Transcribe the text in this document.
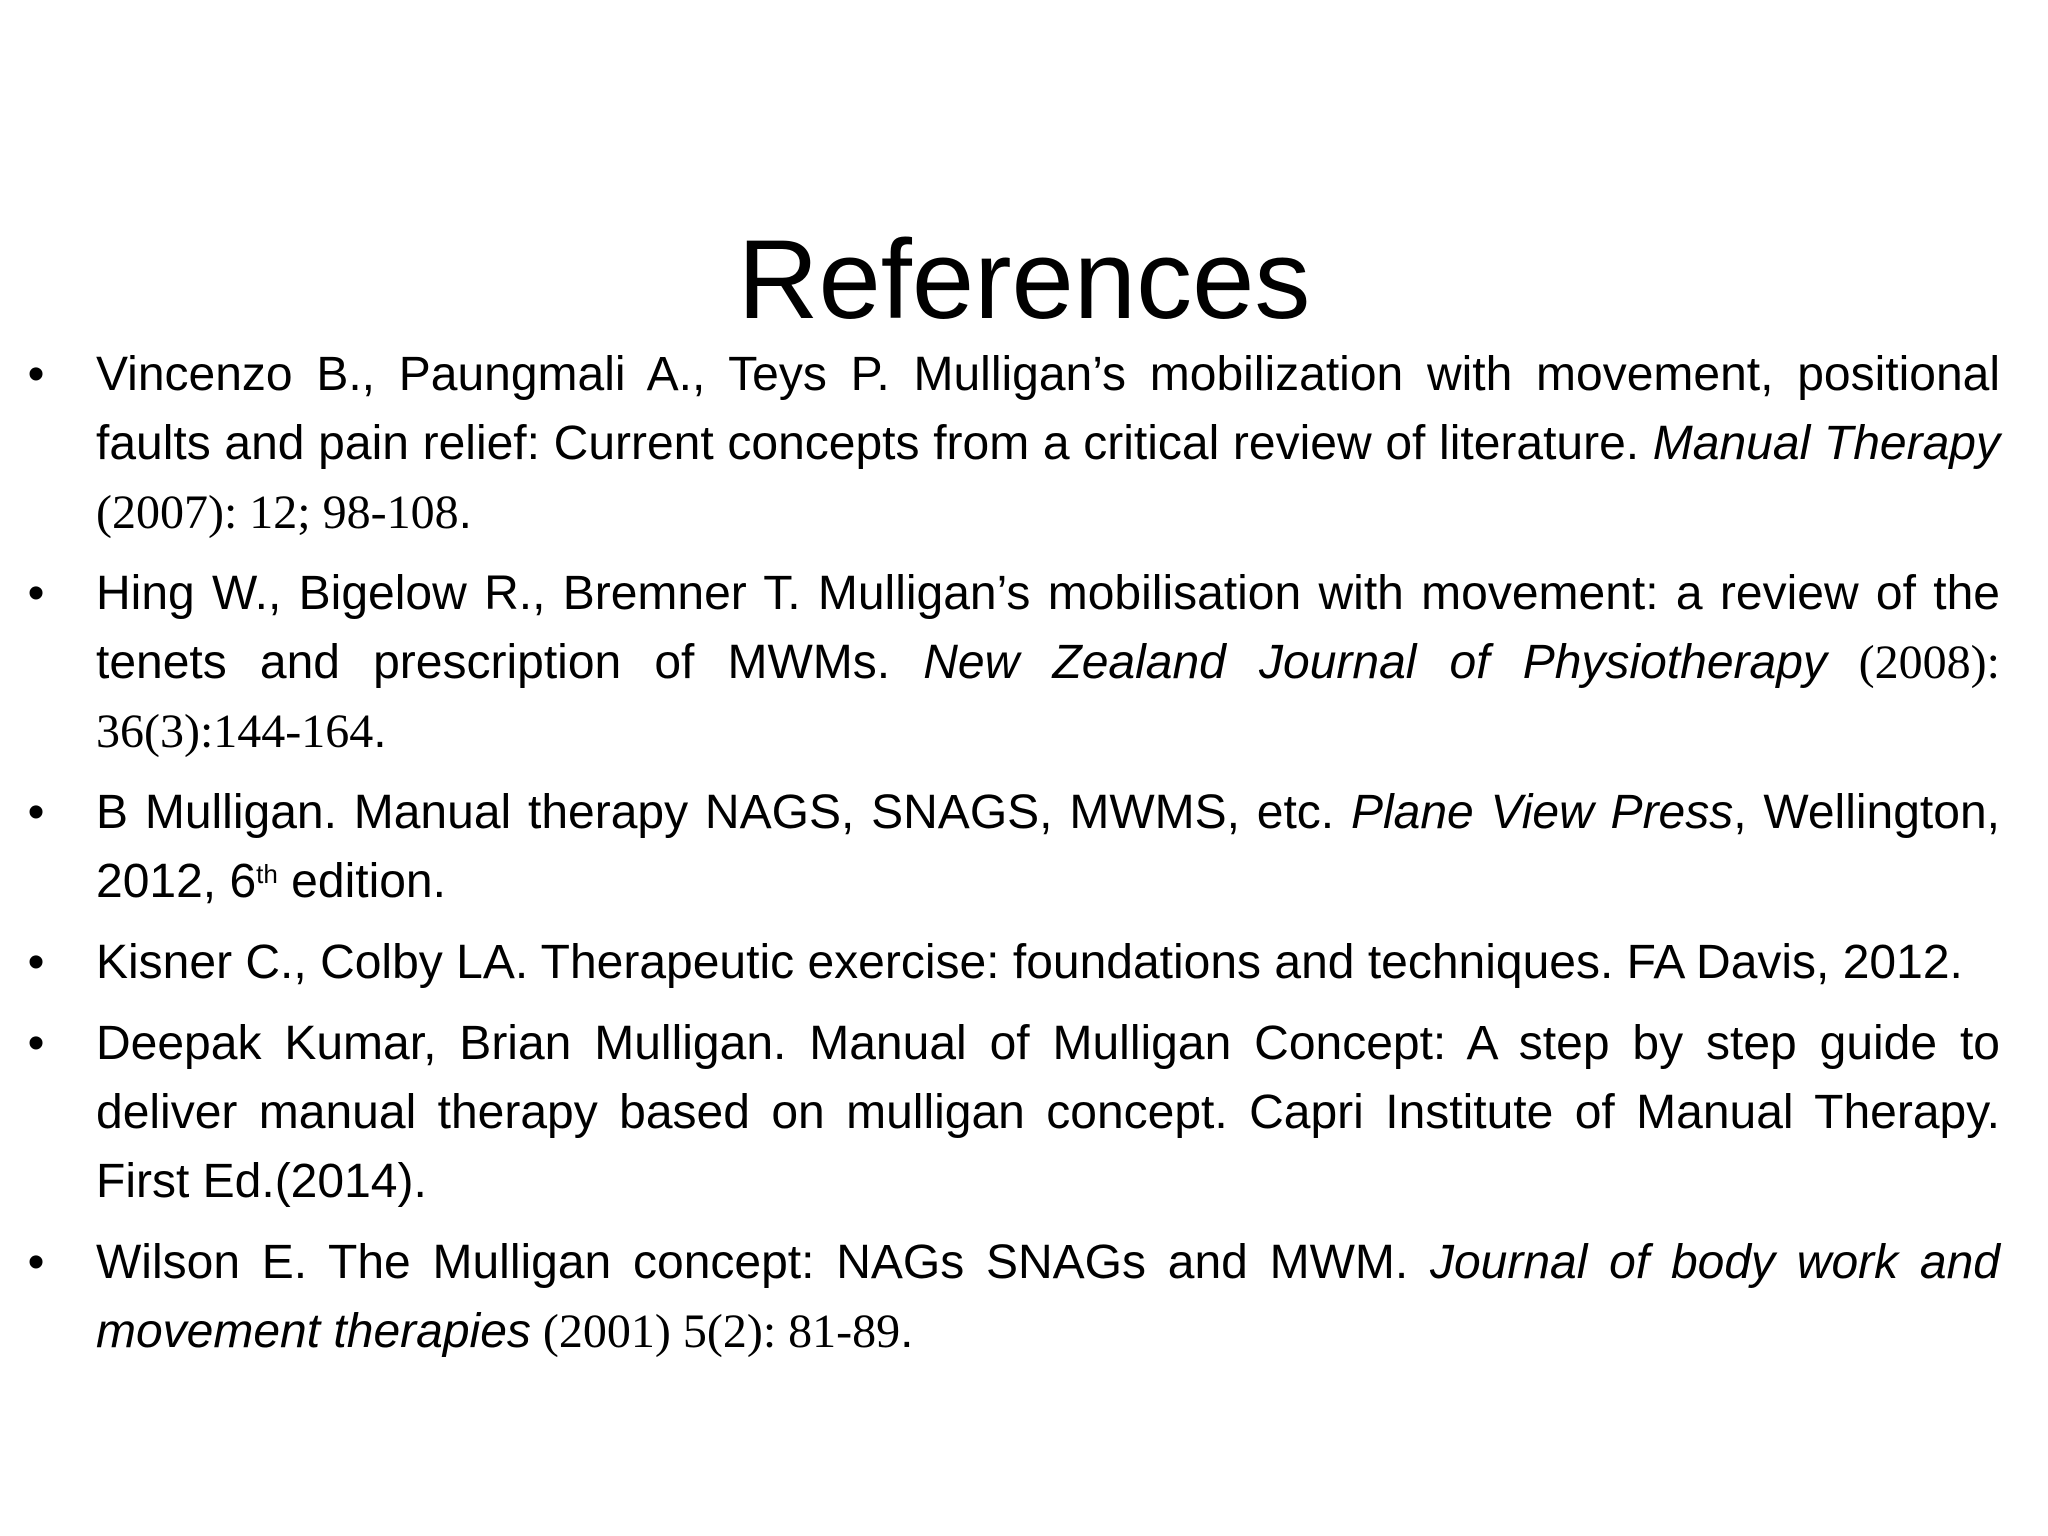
References
• Vincenzo B., Paungmali A., Teys P. Mulligan’s mobilization with movement, positional faults and pain relief: Current concepts from a critical review of literature. Manual Therapy (2007): 12; 98-108.
• Hing W., Bigelow R., Bremner T. Mulligan’s mobilisation with movement: a review of the tenets and prescription of MWMs. New Zealand Journal of Physiotherapy (2008): 36(3):144-164.
• B Mulligan. Manual therapy NAGS, SNAGS, MWMS, etc. Plane View Press, Wellington, 2012, 6th edition.
• Kisner C., Colby LA. Therapeutic exercise: foundations and techniques. FA Davis, 2012.
• Deepak Kumar, Brian Mulligan. Manual of Mulligan Concept: A step by step guide to deliver manual therapy based on mulligan concept. Capri Institute of Manual Therapy. First Ed.(2014).
• Wilson E. The Mulligan concept: NAGs SNAGs and MWM. Journal of body work and movement therapies (2001) 5(2): 81-89.
